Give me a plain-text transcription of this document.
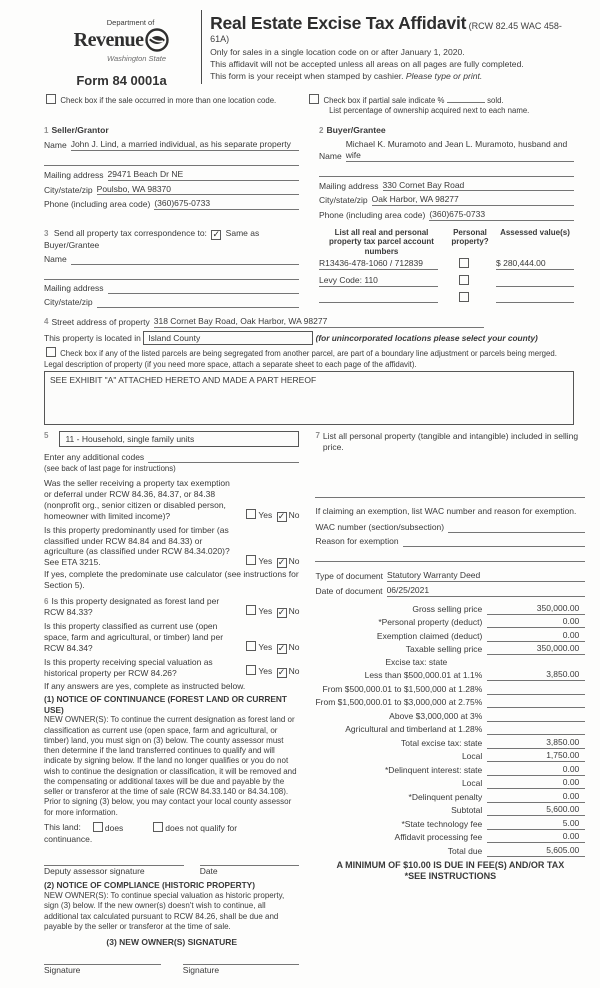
Department of
Revenue
Washington State
Form 84 0001a
Real Estate Excise Tax Affidavit (RCW 82.45 WAC 458-61A)
Only for sales in a single location code on or after January 1, 2020.
This affidavit will not be accepted unless all areas on all pages are fully completed.
This form is your receipt when stamped by cashier. Please type or print.
Check box if the sale occurred in more than one location code.	Check box if partial sale indicate %	sold.
List percentage of ownership acquired next to each name.
1 Seller/Grantor
Name John J. Lind, a married individual, as his separate property
Mailing address 29471 Beach Dr NE
City/state/zip Poulsbo, WA 98370
Phone (including area code) (360)675-0733
2 Buyer/Grantee
Name
Michael K. Muramoto and Jean L. Muramoto, husband and wife
Mailing address 330 Cornet Bay Road
City/state/zip Oak Harbor, WA 98277
Phone (including area code) (360)675-0733
3 Send all property tax correspondence to: ✓ Same as Buyer/Grantee
Name
Mailing address
City/state/zip
List all real and personal property tax parcel account numbers
Personal property?
Assessed value(s)
R13436-478-1060 / 712839	$ 280,444.00
Levy Code: 110
4 Street address of property 318 Cornet Bay Road, Oak Harbor, WA 98277
This property is located in Island County	(for unincorporated locations please select your county)
Check box if any of the listed parcels are being segregated from another parcel, are part of a boundary line adjustment or parcels being merged.
Legal description of property (if you need more space, attach a separate sheet to each page of the affidavit).
SEE EXHIBIT "A" ATTACHED HERETO AND MADE A PART HEREOF
5	11 - Household, single family units
Enter any additional codes
(see back of last page for instructions)
Was the seller receiving a property tax exemption or deferral under RCW 84.36, 84.37, or 84.38 (nonprofit org., senior citizen or disabled person, homeowner with limited income)?	Yes ✓ No
Is this property predominantly used for timber (as classified under RCW 84.84 and 84.33) or agriculture (as classified under RCW 84.34.020)? See ETA 3215.	Yes ✓ No
If yes, complete the predominate use calculator (see instructions for Section 5).
6 Is this property designated as forest land per RCW 84.33?	Yes ✓ No
Is this property classified as current use (open space, farm and agricultural, or timber) land per RCW 84.34?	Yes ✓ No
Is this property receiving special valuation as historical property per RCW 84.26?	Yes ✓ No
If any answers are yes, complete as instructed below.
(1) NOTICE OF CONTINUANCE (FOREST LAND OR CURRENT USE)
NEW OWNER(S): To continue the current designation as forest land or classification as current use (open space, farm and agricultural, or timber) land, you must sign on (3) below. The county assessor must then determine if the land transferred continues to qualify and will indicate by signing below. If the land no longer qualifies or you do not wish to continue the designation or classification, it will be removed and the compensating or additional taxes will be due and payable by the seller or transferor at the time of sale (RCW 84.33.140 or 84.34.108). Prior to signing (3) below, you may contact your local county assessor for more information.
This land:	does	does not qualify for
continuance.
Deputy assessor signature	Date
(2) NOTICE OF COMPLIANCE (HISTORIC PROPERTY)
NEW OWNER(S): To continue special valuation as historic property, sign (3) below. If the new owner(s) doesn't wish to continue, all additional tax calculated pursuant to RCW 84.26, shall be due and payable by the seller or transferor at the time of sale.
(3) NEW OWNER(S) SIGNATURE
Signature	Signature
7 List all personal property (tangible and intangible) included in selling price.
If claiming an exemption, list WAC number and reason for exemption.
WAC number (section/subsection)
Reason for exemption
Type of document Statutory Warranty Deed
Date of document 06/25/2021
Gross selling price	350,000.00
*Personal property (deduct)	0.00
Exemption claimed (deduct)	0.00
Taxable selling price	350,000.00
Excise tax: state
Less than $500,000.01 at 1.1%	3,850.00
From $500,000.01 to $1,500,000 at 1.28%
From $1,500,000.01 to $3,000,000 at 2.75%
Above $3,000,000 at 3%
Agricultural and timberland at 1.28%
Total excise tax: state	3,850.00
Local	1,750.00
*Delinquent interest: state	0.00
Local	0.00
*Delinquent penalty	0.00
Subtotal	5,600.00
*State technology fee	5.00
Affidavit processing fee	0.00
Total due	5,605.00
A MINIMUM OF $10.00 IS DUE IN FEE(S) AND/OR TAX
*SEE INSTRUCTIONS
